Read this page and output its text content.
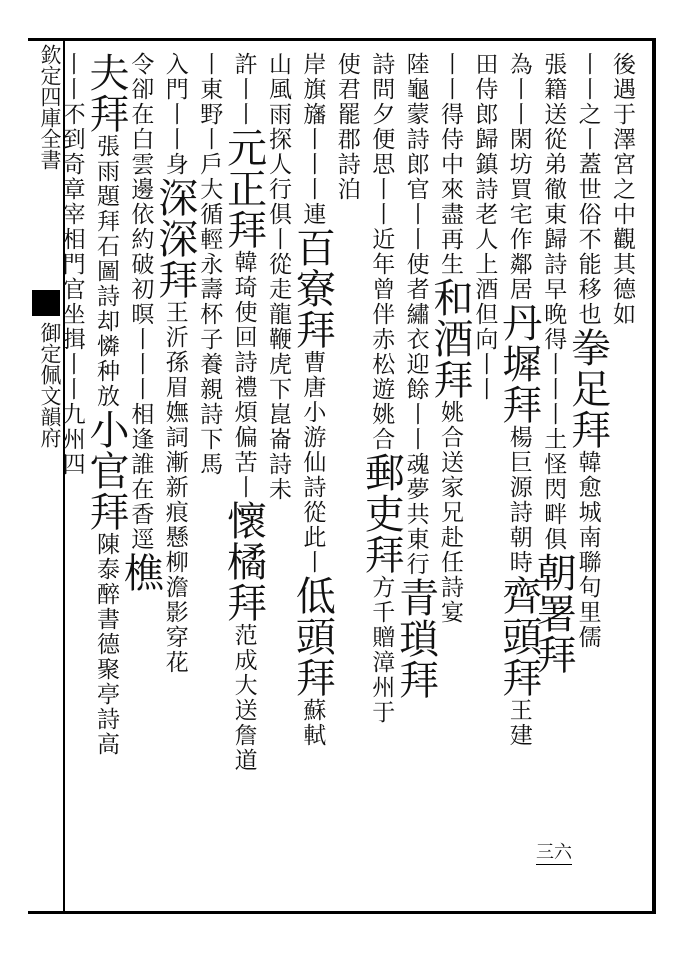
欽定四庫全書
御定佩文韻府
三六
後遇于澤宮之中觀其德如
丨丨之丨蓋世俗不能移也拳足拜韓愈城南聯句里儒
張籍送從弟徹東歸詩早晚得丨丨丨土怪閃畔俱朝署拜
為丨丨閑坊買宅作鄰居丹墀拜楊巨源詩朝時齊頭拜王建
田侍郎歸鎮詩老人上酒但向丨丨
丨丨得侍中來盡再生和酒拜姚合送家兄赴任詩宴
陸龜蒙詩郎官丨丨使者繡衣迎餘丨丨魂夢共東行青瑣拜
詩問夕便思丨丨近年曾伴赤松遊姚合郵吏拜方千贈漳州于
使君罷郡詩泊
岸旗旛丨丨丨連百寮拜曹唐小游仙詩從此丨低頭拜蘇軾
山風雨探人行俱丨從走龍鞭虎下崑崙詩未
許丨丨元正拜韓琦使回詩禮煩偏苦丨懷橘拜范成大送詹道
丨東野丨戶大循輕永壽杯子養親詩下馬
入門丨丨身深深拜王沂孫眉嫵詞漸新痕懸柳澹影穿花
令卻在白雲邊依約破初暝丨丨丨相逢誰在香逕樵
夫拜張雨題拜石圖詩却憐种放小官拜陳泰醉書德聚亭詩高
丨丨不到奇章宰相門官坐揖丨丨九州四
